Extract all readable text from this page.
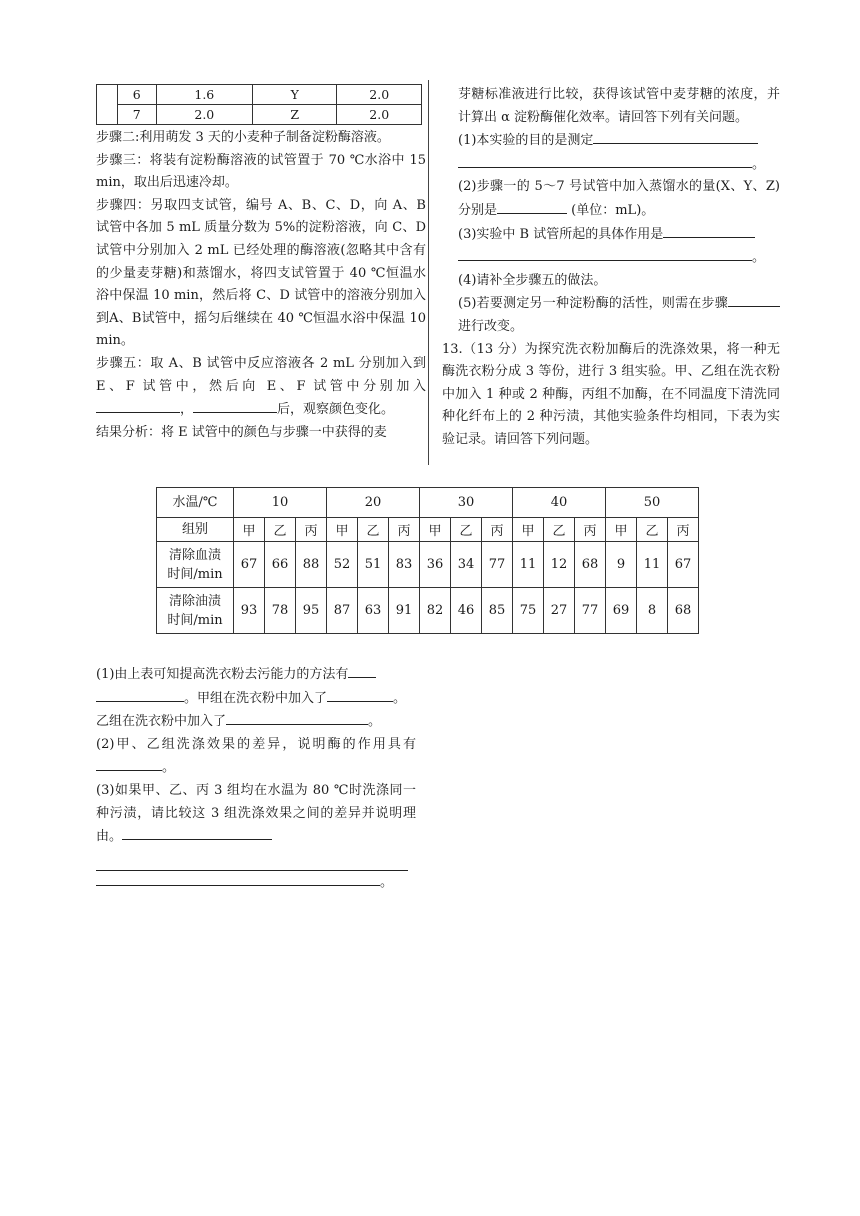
	6	1.6	Y	2.0
	7	2.0	Z	2.0

步骤二:利用萌发 3 天的小麦种子制备淀粉酶溶液。

步骤三：将装有淀粉酶溶液的试管置于 70 ℃水浴中 15 min，取出后迅速冷却。

步骤四：另取四支试管，编号 A、B、C、D，向 A、B 试管中各加 5 mL 质量分数为 5%的淀粉溶液，向 C、D 试管中分别加入 2 mL 已经处理的酶溶液(忽略其中含有的少量麦芽糖)和蒸馏水，将四支试管置于 40 ℃恒温水浴中保温 10 min，然后将 C、D 试管中的溶液分别加入到A、B试管中，摇匀后继续在 40 ℃恒温水浴中保温 10 min。

步骤五：取 A、B 试管中反应溶液各 2 mL 分别加入到 E、F 试管中，然后向 E、F 试管中分别加入，	后，观察颜色变化。

结果分析：将 E 试管中的颜色与步骤一中获得的麦

芽糖标准液进行比较，获得该试管中麦芽糖的浓度，并计算出 α 淀粉酶催化效率。请回答下列有关问题。

(1)本实验的目的是测定

。

(2)步骤一的 5～7 号试管中加入蒸馏水的量(X、Y、Z)分别是	(单位：mL)。

(3)实验中 B 试管所起的具体作用是

。

(4)请补全步骤五的做法。

(5)若要测定另一种淀粉酶的活性，则需在步骤进行改变。

13.（13 分）为探究洗衣粉加酶后的洗涤效果，将一种无酶洗衣粉分成 3 等份，进行 3 组实验。甲、乙组在洗衣粉中加入 1 种或 2 种酶，丙组不加酶，在不同温度下清洗同种化纤布上的 2 种污渍，其他实验条件均相同，下表为实验记录。请回答下列问题。

水温/℃	10			20			30			40			50		
组别	甲	乙	丙	甲	乙	丙	甲	乙	丙	甲	乙	丙	甲	乙	丙

清除血渍
时间/min	67	66	88	52	51	83	36	34	77	11	12	68	9	11	67

清除油渍
时间/min	93	78	95	87	63	91	82	46	85	75	27	77	69	8	68

(1)由上表可知提高洗衣粉去污能力的方法有

。甲组在洗衣粉中加入了	。

乙组在洗衣粉中加入了	。

(2)甲、乙组洗涤效果的差异，说明酶的作用具有。

(3)如果甲、乙、丙 3 组均在水温为 80 ℃时洗涤同一种污渍，请比较这 3 组洗涤效果之间的差异并说明理由。

。
